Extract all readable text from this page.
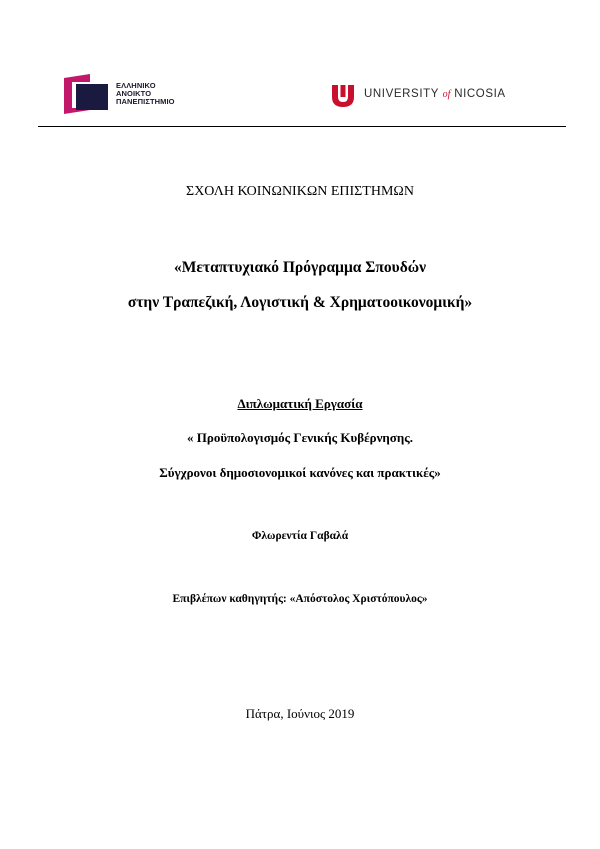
ΕΛΛΗΝΙΚΟ
ΑΝΟΙΚΤΟ
ΠΑΝΕΠΙΣΤΗΜΙΟ
UNIVERSITY of NICOSIA
ΣΧΟΛΗ ΚΟΙΝΩΝΙΚΩΝ ΕΠΙΣΤΗΜΩΝ
«Μεταπτυχιακό Πρόγραμμα Σπουδών
στην Τραπεζική, Λογιστική & Χρηματοοικονομική»
Διπλωματική Εργασία
« Προϋπολογισμός Γενικής Κυβέρνησης.
Σύγχρονοι δημοσιονομικοί κανόνες και πρακτικές»
Φλωρεντία Γαβαλά
Επιβλέπων καθηγητής: «Απόστολος Χριστόπουλος»
Πάτρα, Ιούνιος 2019
